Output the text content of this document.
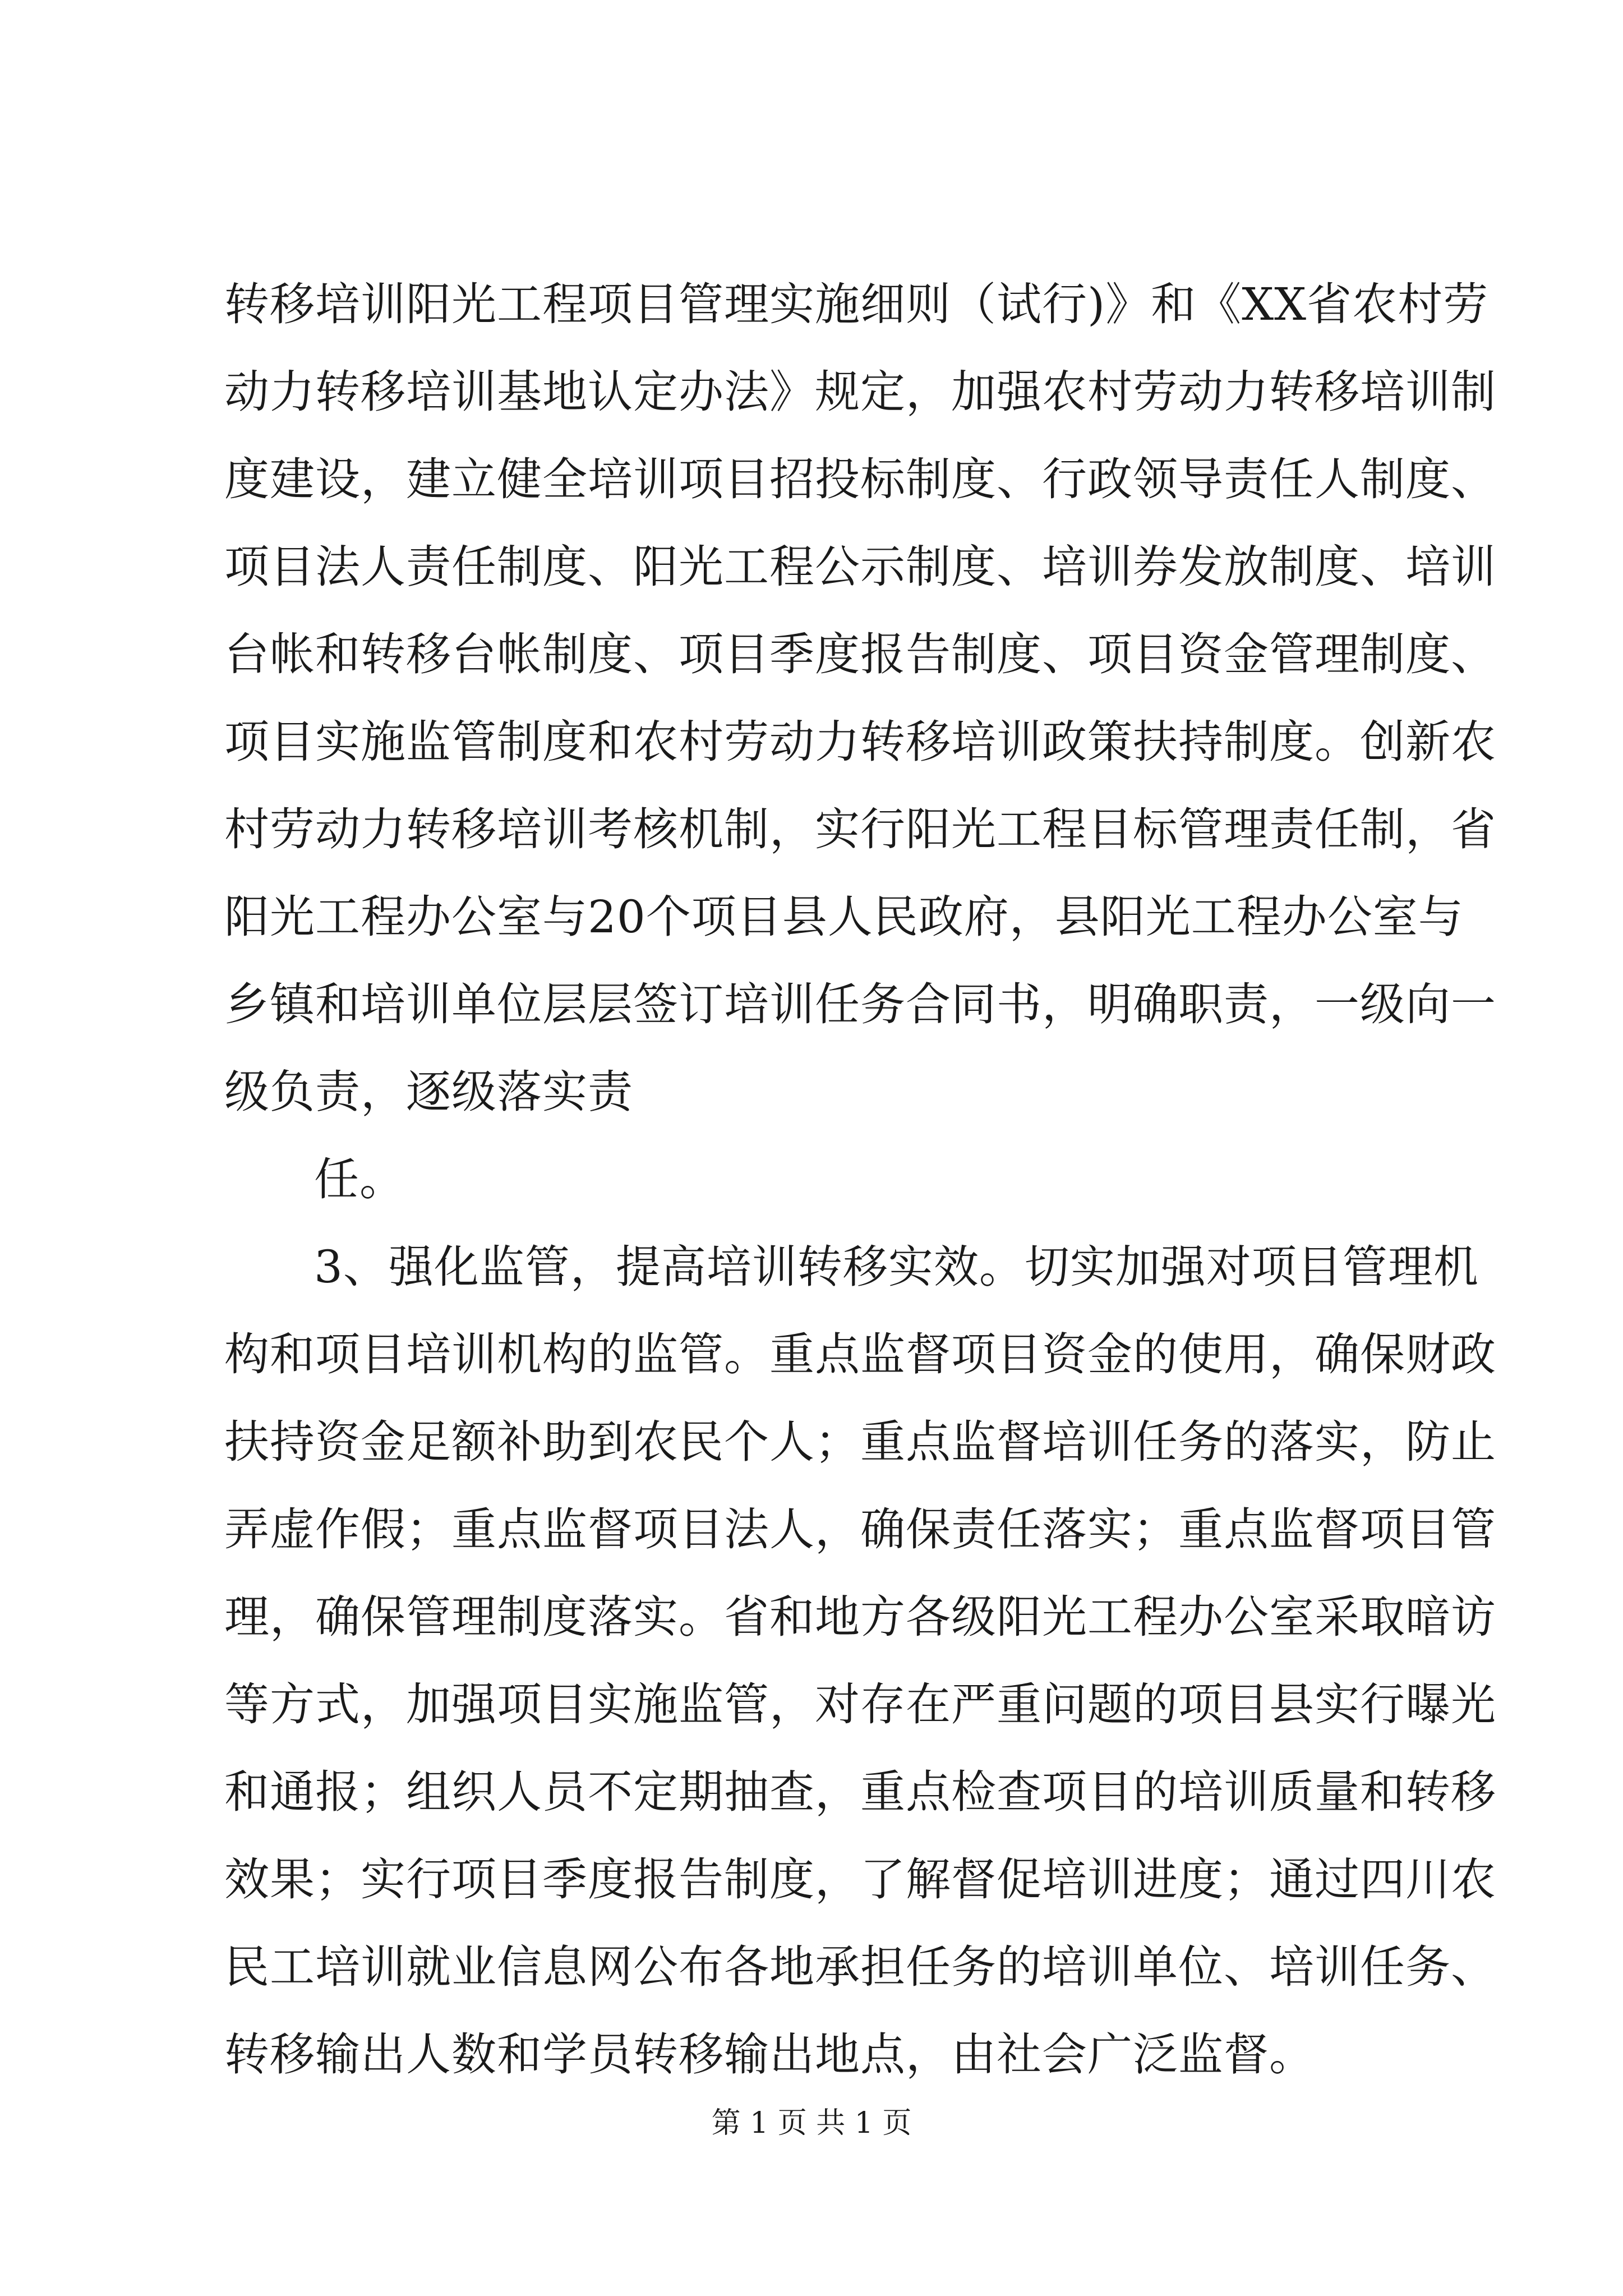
转移培训阳光工程项目管理实施细则（试行)》和《XX省农村劳
动力转移培训基地认定办法》规定，加强农村劳动力转移培训制
度建设，建立健全培训项目招投标制度、行政领导责任人制度、
项目法人责任制度、阳光工程公示制度、培训券发放制度、培训
台帐和转移台帐制度、项目季度报告制度、项目资金管理制度、
项目实施监管制度和农村劳动力转移培训政策扶持制度。创新农
村劳动力转移培训考核机制，实行阳光工程目标管理责任制，省
阳光工程办公室与20个项目县人民政府，县阳光工程办公室与
乡镇和培训单位层层签订培训任务合同书，明确职责，一级向一
级负责，逐级落实责
任。
3、强化监管，提高培训转移实效。切实加强对项目管理机
构和项目培训机构的监管。重点监督项目资金的使用，确保财政
扶持资金足额补助到农民个人；重点监督培训任务的落实，防止
弄虚作假；重点监督项目法人，确保责任落实；重点监督项目管
理，确保管理制度落实。省和地方各级阳光工程办公室采取暗访
等方式，加强项目实施监管，对存在严重问题的项目县实行曝光
和通报；组织人员不定期抽查，重点检查项目的培训质量和转移
效果；实行项目季度报告制度，了解督促培训进度；通过四川农
民工培训就业信息网公布各地承担任务的培训单位、培训任务、
转移输出人数和学员转移输出地点，由社会广泛监督。
第 1 页 共 1 页
